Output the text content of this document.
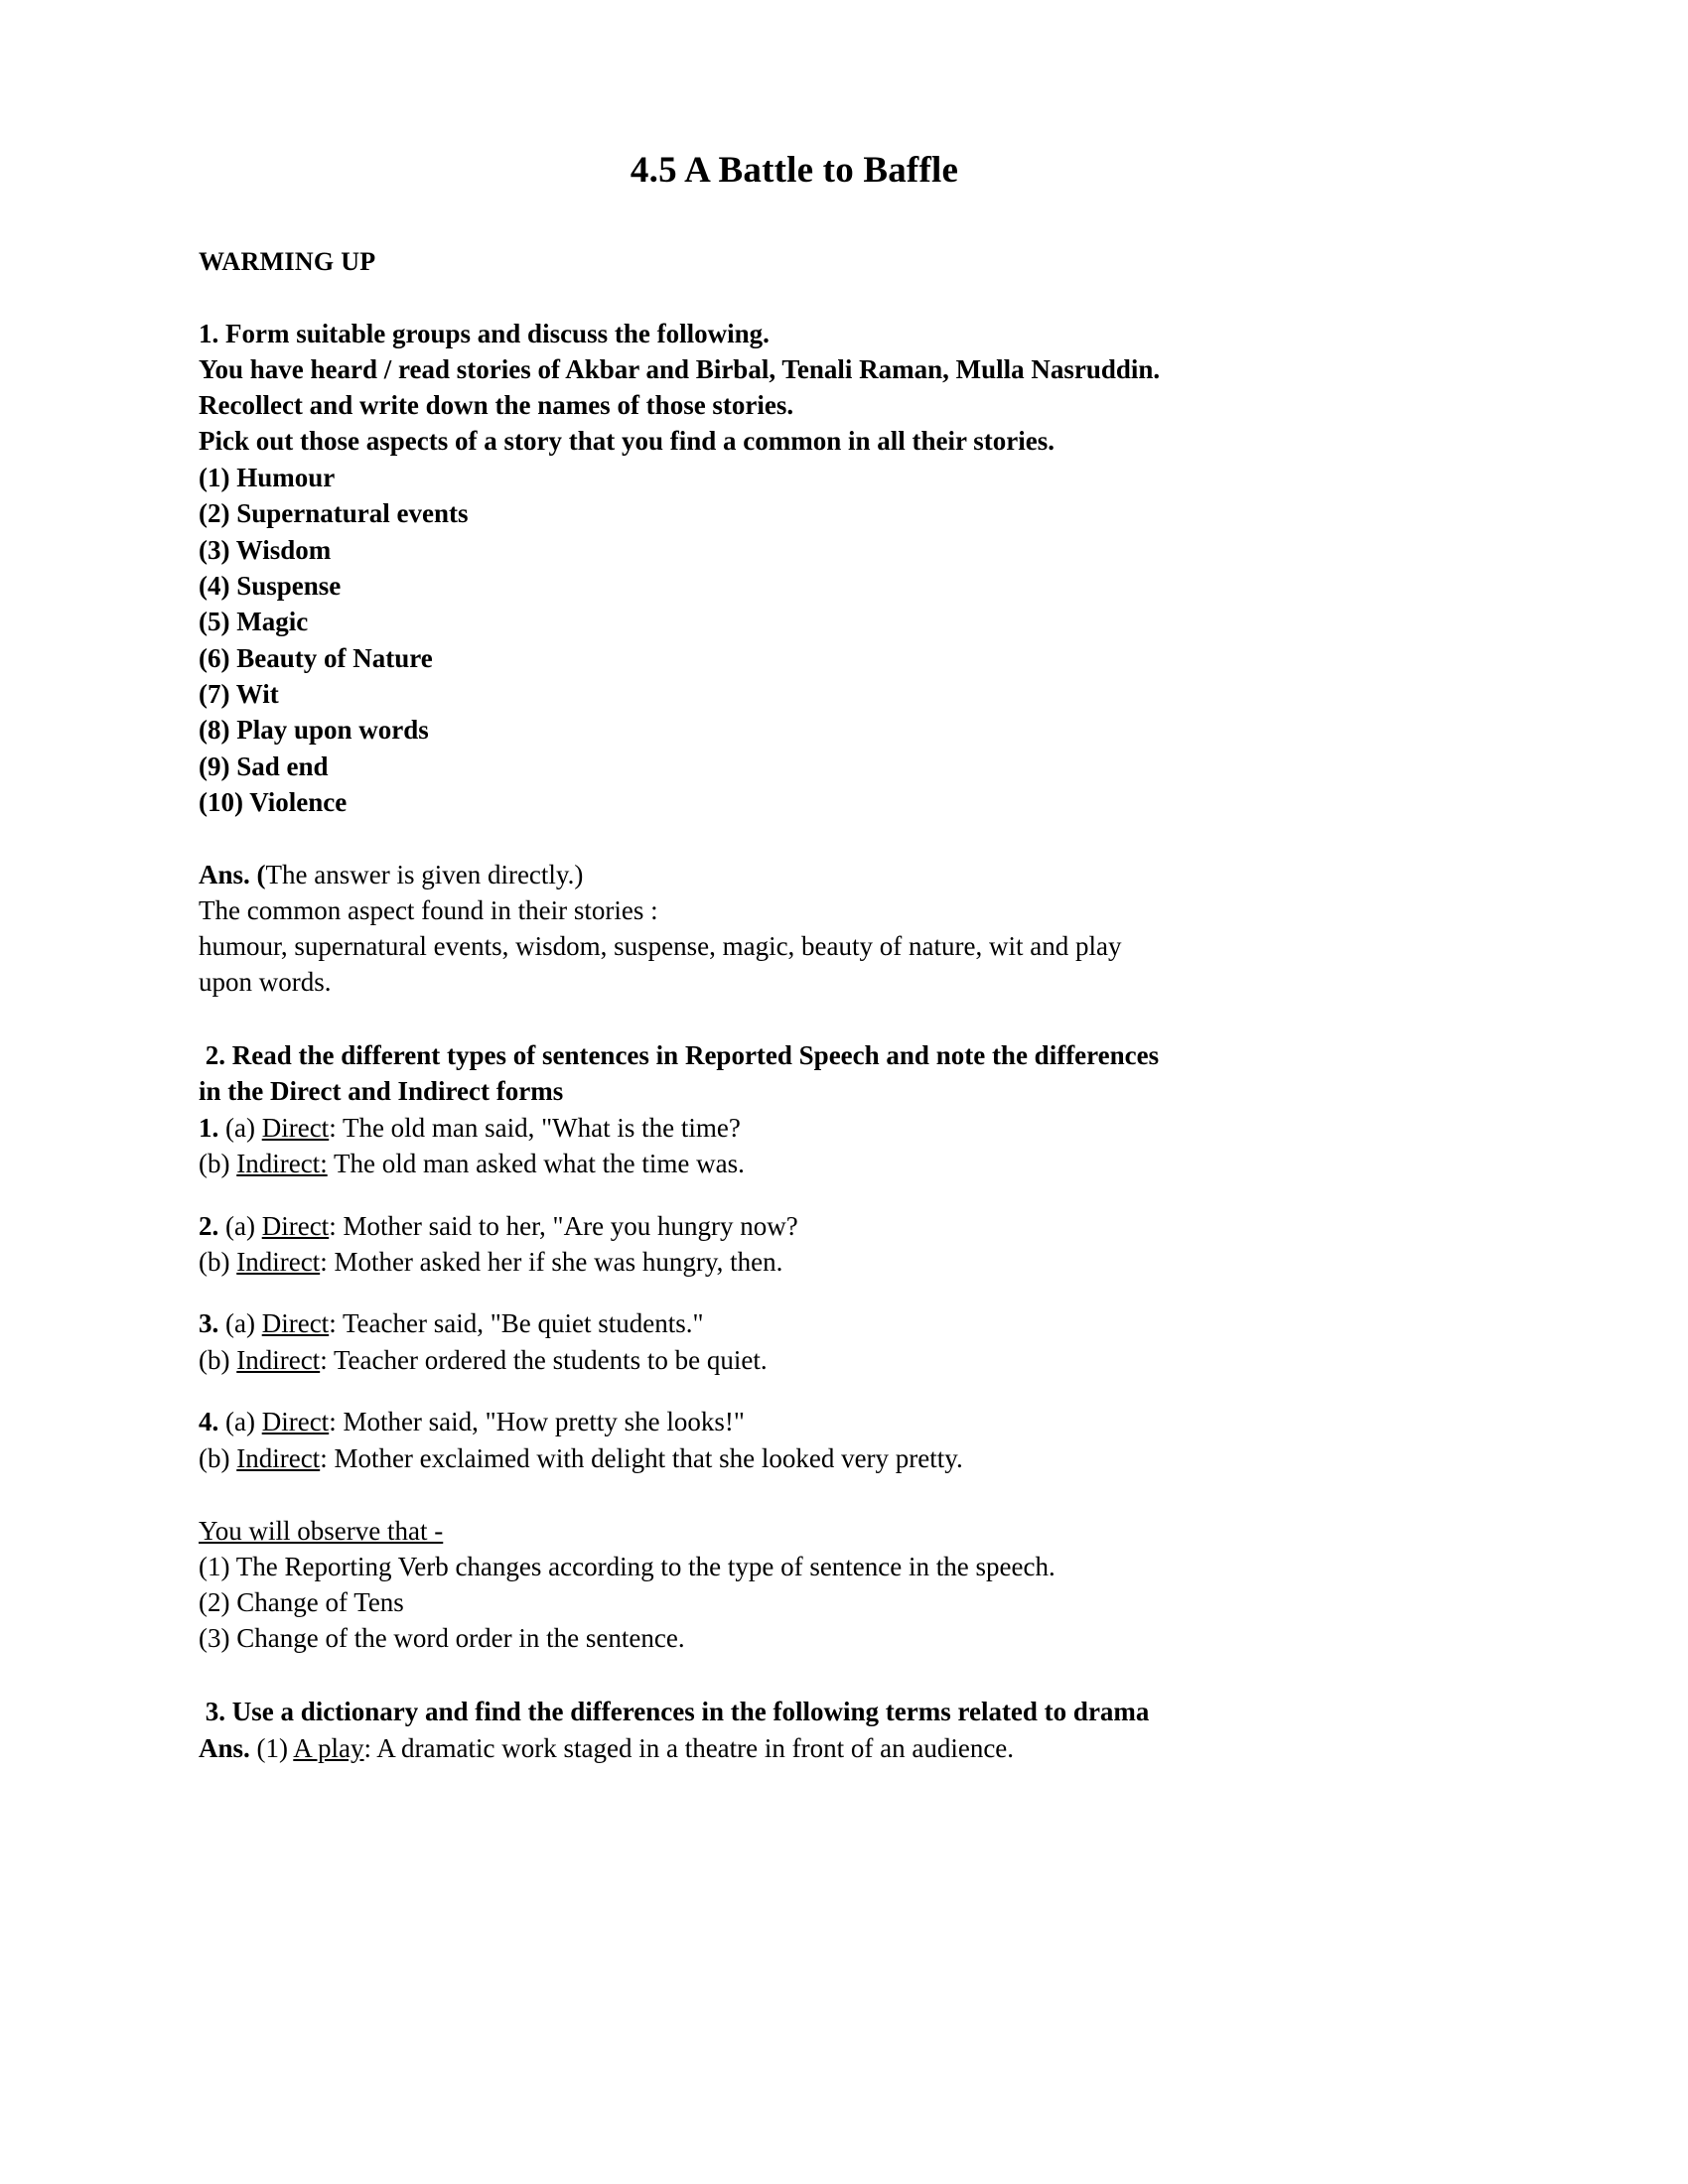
4.5 A Battle to Baffle
WARMING UP
1. Form suitable groups and discuss the following.
You have heard / read stories of Akbar and Birbal, Tenali Raman, Mulla Nasruddin.
Recollect and write down the names of those stories.
Pick out those aspects of a story that you find a common in all their stories.
(1) Humour
(2) Supernatural events
(3) Wisdom
(4) Suspense
(5) Magic
(6) Beauty of Nature
(7) Wit
(8) Play upon words
(9) Sad end
(10) Violence
Ans. (The answer is given directly.)
The common aspect found in their stories :
humour, supernatural events, wisdom, suspense, magic, beauty of nature, wit and play
upon words.
2. Read the different types of sentences in Reported Speech and note the differences
in the Direct and Indirect forms
1. (a) Direct: The old man said, "What is the time?
(b) Indirect: The old man asked what the time was.
2. (a) Direct: Mother said to her, "Are you hungry now?
(b) Indirect: Mother asked her if she was hungry, then.
3. (a) Direct: Teacher said, "Be quiet students."
(b) Indirect: Teacher ordered the students to be quiet.
4. (a) Direct: Mother said, "How pretty she looks!"
(b) Indirect: Mother exclaimed with delight that she looked very pretty.
You will observe that -
(1) The Reporting Verb changes according to the type of sentence in the speech.
(2) Change of Tens
(3) Change of the word order in the sentence.
3. Use a dictionary and find the differences in the following terms related to drama
Ans. (1) A play: A dramatic work staged in a theatre in front of an audience.
